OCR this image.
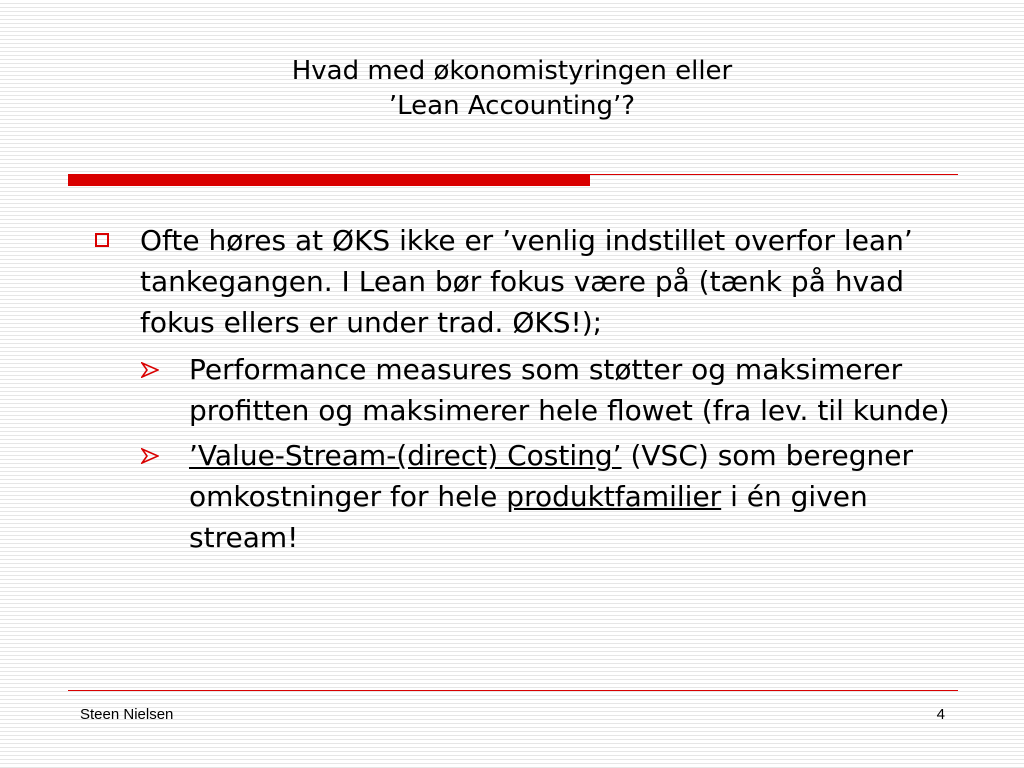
Hvad med økonomistyringen eller
’Lean Accounting’?
Ofte høres at ØKS ikke er ’venlig indstillet overfor lean’ tankegangen. I Lean bør fokus være på (tænk på hvad fokus ellers er under trad. ØKS!);
Performance measures som støtter og maksimerer profitten og maksimerer hele flowet (fra lev. til kunde)
’Value-Stream-(direct) Costing’ (VSC) som beregner omkostninger for hele produktfamilier i én given stream!
Steen Nielsen	4
